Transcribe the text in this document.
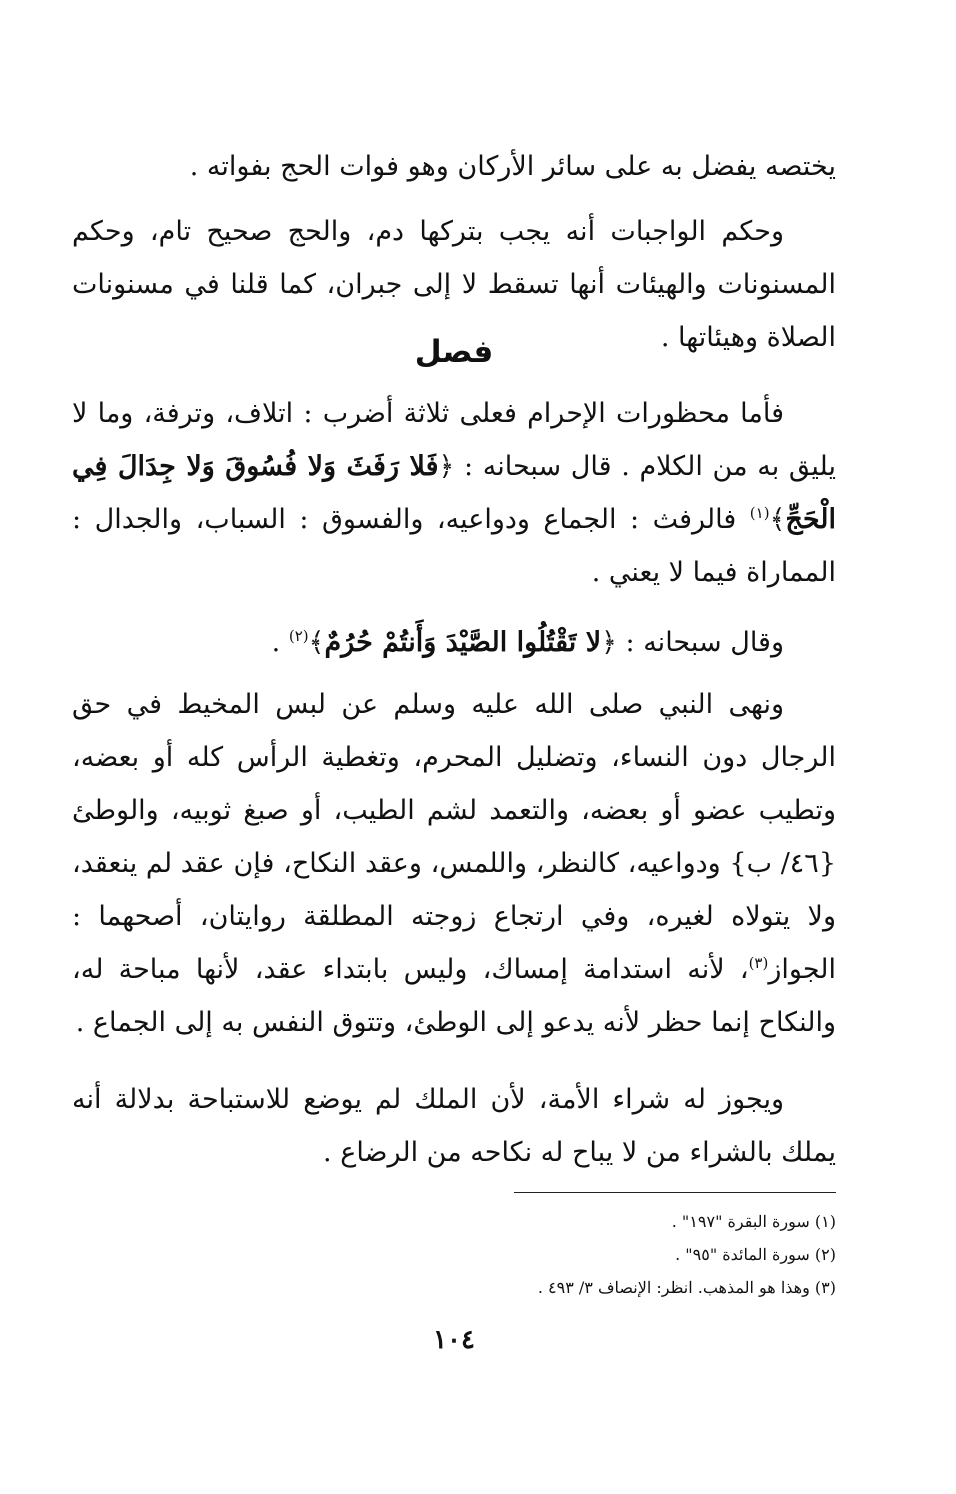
يختصه يفضل به على سائر الأركان وهو فوات الحج بفواته .

وحكم الواجبات أنه يجب بتركها دم، والحج صحيح تام، وحكم المسنونات والهيئات أنها تسقط لا إلى جبران، كما قلنا في مسنونات الصلاة وهيئاتها .

فصل

فأما محظورات الإحرام فعلى ثلاثة أضرب : اتلاف، وترفة، وما لا يليق به من الكلام . قال سبحانه : ﴿فَلا رَفَثَ وَلا فُسُوقَ وَلا جِدَالَ فِي الْحَجِّ﴾$^{(١)}$ فالرفث : الجماع ودواعيه، والفسوق : السباب، والجدال : المماراة فيما لا يعني .

وقال سبحانه : ﴿لا تَقْتُلُوا الصَّيْدَ وَأَنتُمْ حُرُمٌ﴾$^{(٢)}$ .

ونهى النبي صلى الله عليه وسلم عن لبس المخيط في حق الرجال دون النساء، وتضليل المحرم، وتغطية الرأس كله أو بعضه، وتطيب عضو أو بعضه، والتعمد لشم الطيب، أو صبغ ثوبيه، والوطئ {٤٦/ ب} ودواعيه، كالنظر، واللمس، وعقد النكاح، فإن عقد لم ينعقد، ولا يتولاه لغيره، وفي ارتجاع زوجته المطلقة روايتان، أصحهما : الجواز$^{(٣)}$، لأنه استدامة إمساك، وليس بابتداء عقد، لأنها مباحة له، والنكاح إنما حظر لأنه يدعو إلى الوطئ، وتتوق النفس به إلى الجماع .

ويجوز له شراء الأمة، لأن الملك لم يوضع للاستباحة بدلالة أنه يملك بالشراء من لا يباح له نكاحه من الرضاع .

(١) سورة البقرة "١٩٧" .
(٢) سورة المائدة "٩٥" .
(٣) وهذا هو المذهب. انظر: الإنصاف ٣/ ٤٩٣ .
١٠٤
